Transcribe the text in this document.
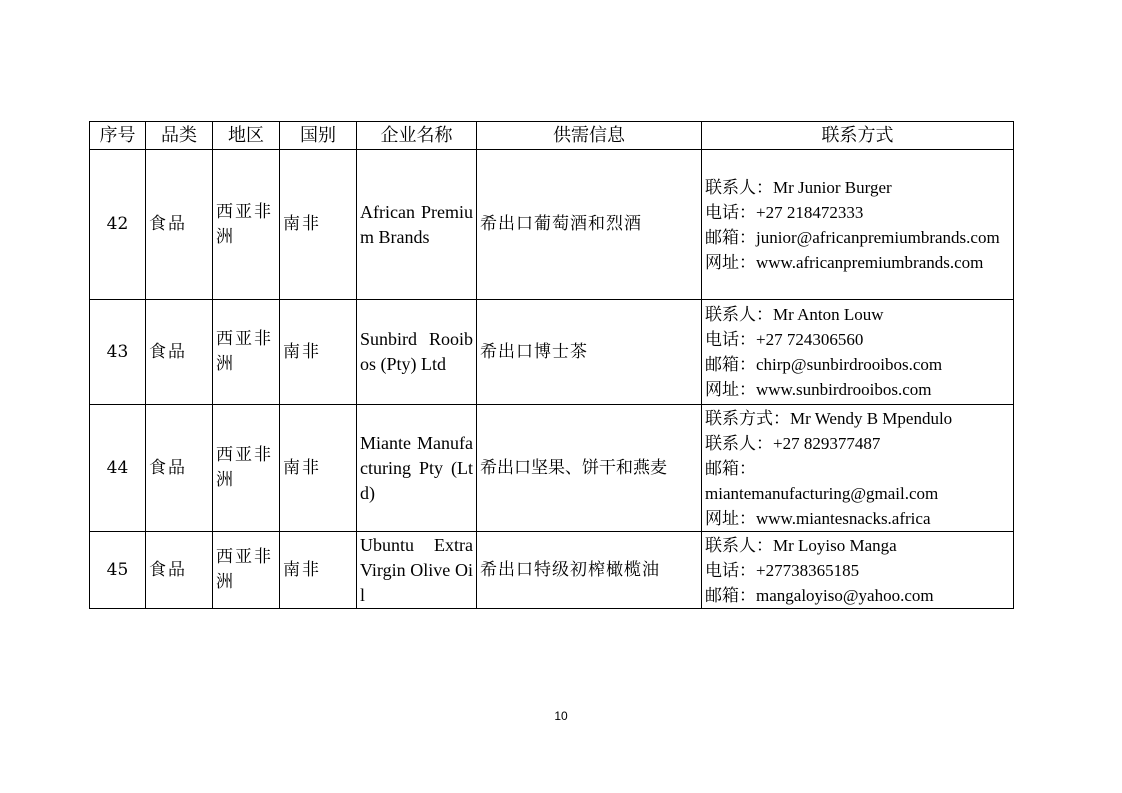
序号	品类	地区	国别	企业名称	供需信息	联系方式
42	食品	西亚非洲	南非	African Premium Brands	希出口葡萄酒和烈酒	联系人：Mr Junior Burger
电话：+27 218472333
邮箱：junior@africanpremiumbrands.com
网址：www.africanpremiumbrands.com

43	食品	西亚非洲	南非	Sunbird Rooibos (Pty) Ltd	希出口博士茶	联系人：Mr Anton Louw
电话：+27 724306560
邮箱：chirp@sunbirdrooibos.com
网址：www.sunbirdrooibos.com

44	食品	西亚非洲	南非	Miante Manufacturing Pty (Ltd)	希出口坚果、饼干和燕麦	联系方式：Mr Wendy B Mpendulo
联系人：+27 829377487
邮箱：
miantemanufacturing@gmail.com
网址：www.miantesnacks.africa

45	食品	西亚非洲	南非	Ubuntu Extra Virgin Olive Oil	希出口特级初榨橄榄油	联系人：Mr Loyiso Manga
电话：+27738365185
邮箱：mangaloyiso@yahoo.com
10
